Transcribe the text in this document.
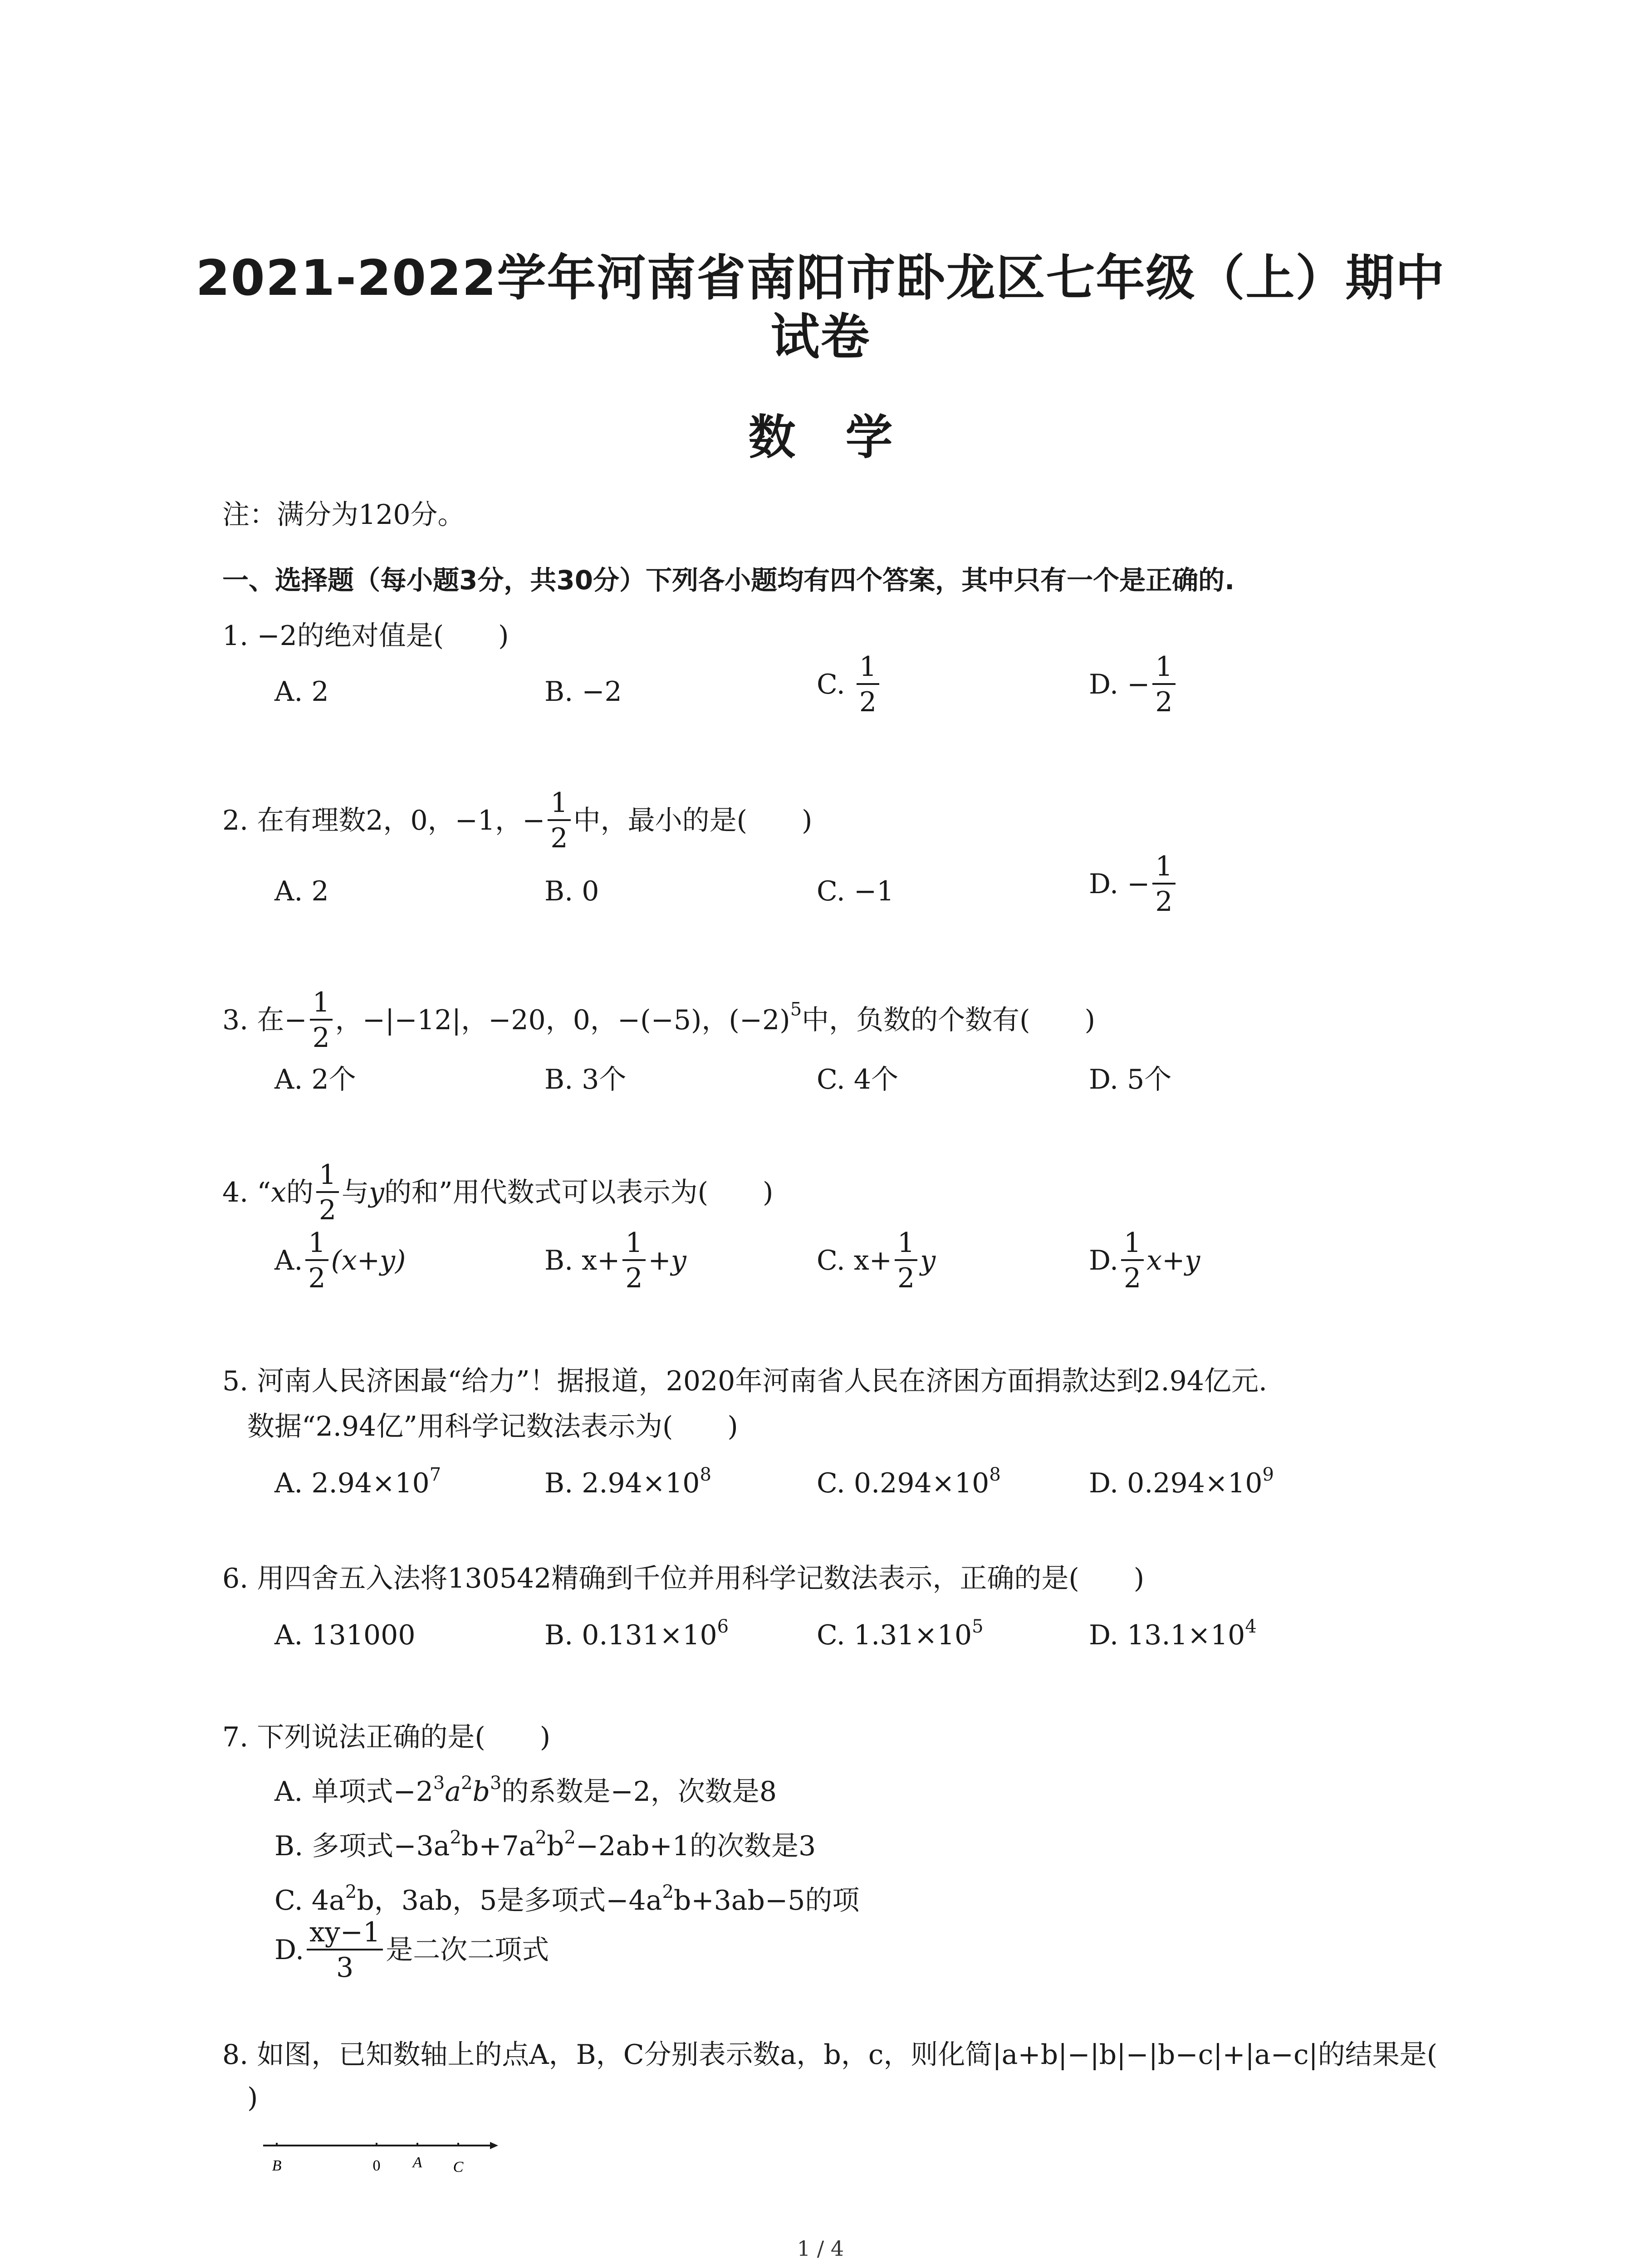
2021-2022学年河南省南阳市卧龙区七年级（上）期中
试卷
数学
注：满分为120分。
一、选择题（每小题3分，共30分）下列各小题均有四个答案，其中只有一个是正确的.
1. −2的绝对值是(　　)
A. 2	B. −2	C. $\frac{1}{2}$	D. − $\frac{1}{2}$
2. 在有理数2，0，−1，− $\frac{1}{2}$ 中，最小的是(　　)
A. 2	B. 0	C. −1	D. − $\frac{1}{2}$
3. 在− $\frac{1}{2}$ ，−|−12|，−20，0，−(−5)，$(-2)^5$中，负数的个数有(　　)
A. 2个	B. 3个	C. 4个	D. 5个
4. “x的 $\frac{1}{2}$ 与y的和”用代数式可以表示为(　　)
A. $\frac{1}{2} (x+y)$	B. $x+ \frac{1}{2} +y$	C. $x+ \frac{1}{2}$ y	D. $\frac{1}{2} x+y$
5. 河南人民济困最“给力”！据报道，2020年河南省人民在济困方面捐款达到2.94亿元.
数据“2.94亿”用科学记数法表示为(　　)
A. $2.94\times 10^7$	B. $2.94\times 10^8$	C. $0.294\times 10^8$	D. $0.294\times 10^9$
6. 用四舍五入法将130542精确到千位并用科学记数法表示，正确的是(　　)
A. 131000	B. $0.131\times 10^6$	C. $1.31\times 10^5$	D. $13.1\times 10^4$
7. 下列说法正确的是(　　)
A. 单项式$-2^3a^2b^3$的系数是−2，次数是8
B. 多项式$-3a^2b+7a^2b^2-2ab+1$的次数是3
C. $4a^2b$，3ab，5是多项式$-4a^2b+3ab-5$的项
D. $\frac{xy-1}{3}$ 是二次二项式
8. 如图，已知数轴上的点A，B，C分别表示数a，b，c，则化简|a+b|−|b|−|b−c|+|a−c|的结果是(
)
B	0 A C
1 / 4
